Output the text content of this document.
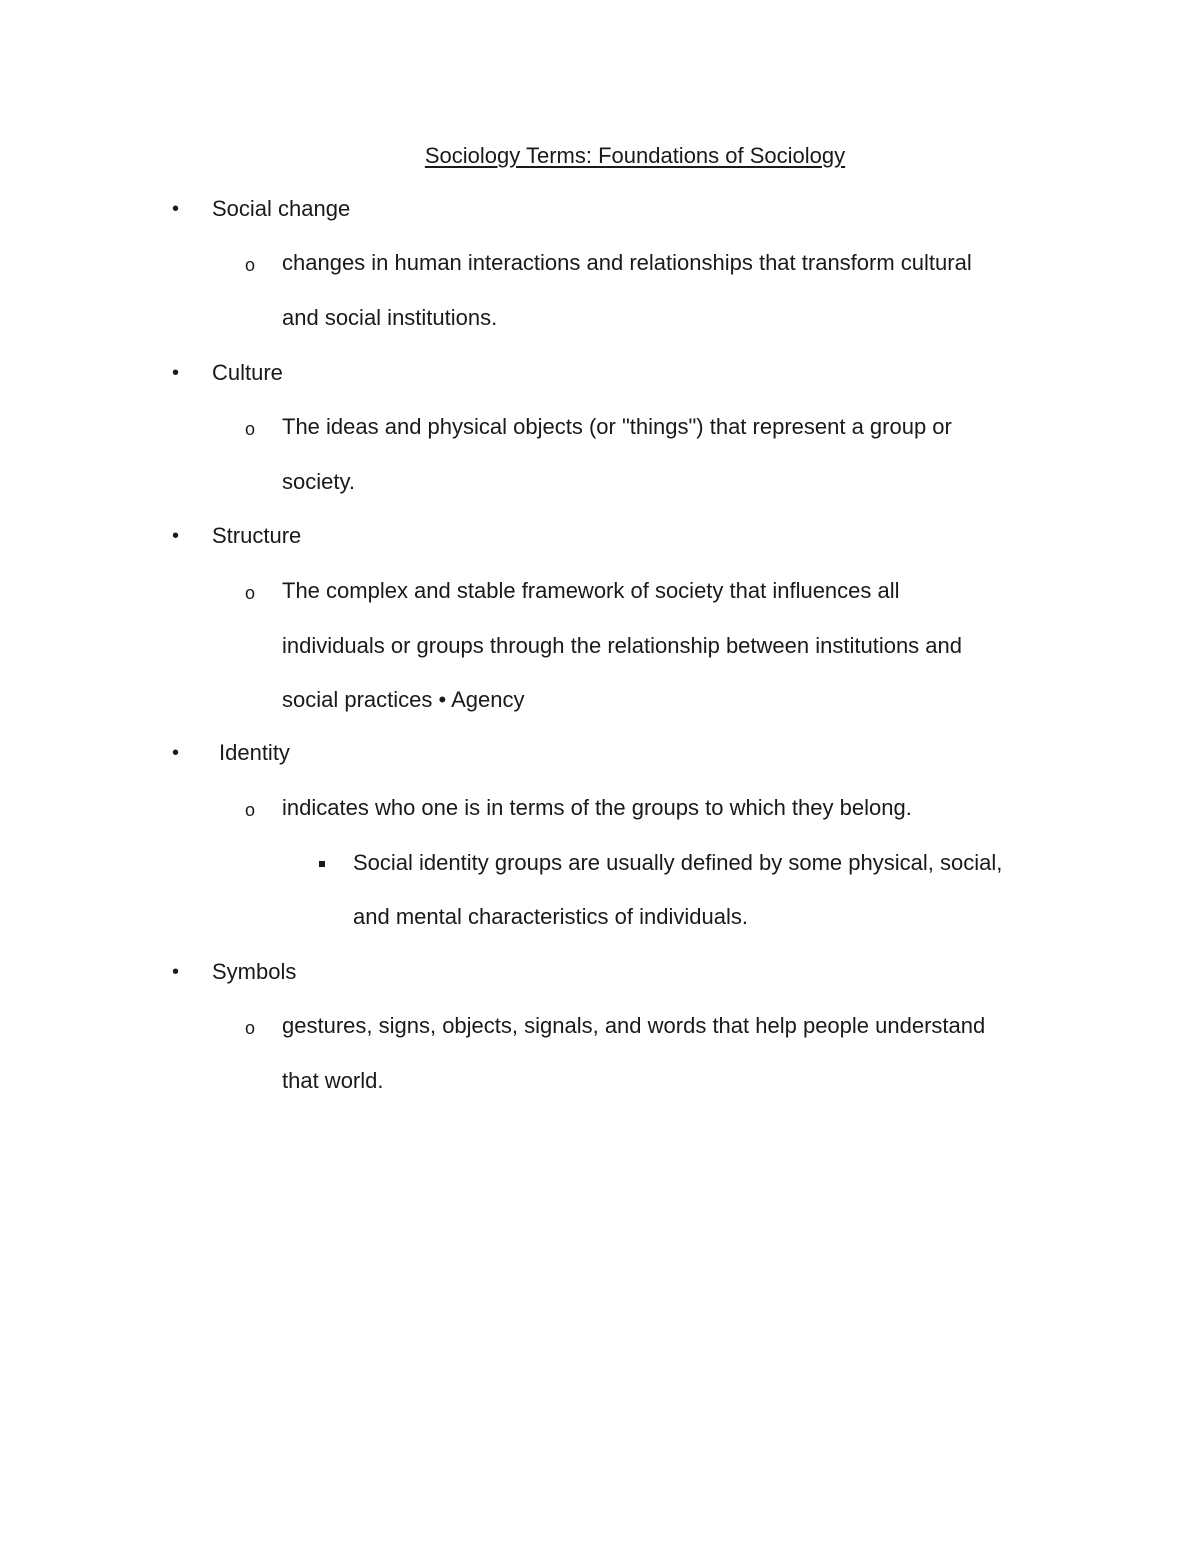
Sociology Terms: Foundations of Sociology
• Social change
o changes in human interactions and relationships that transform cultural
and social institutions.
• Culture
o The ideas and physical objects (or "things") that represent a group or
society.
• Structure
o The complex and stable framework of society that influences all
individuals or groups through the relationship between institutions and
social practices • Agency
• Identity
o indicates who one is in terms of the groups to which they belong.
Social identity groups are usually defined by some physical, social,
and mental characteristics of individuals.
• Symbols
o gestures, signs, objects, signals, and words that help people understand
that world.
